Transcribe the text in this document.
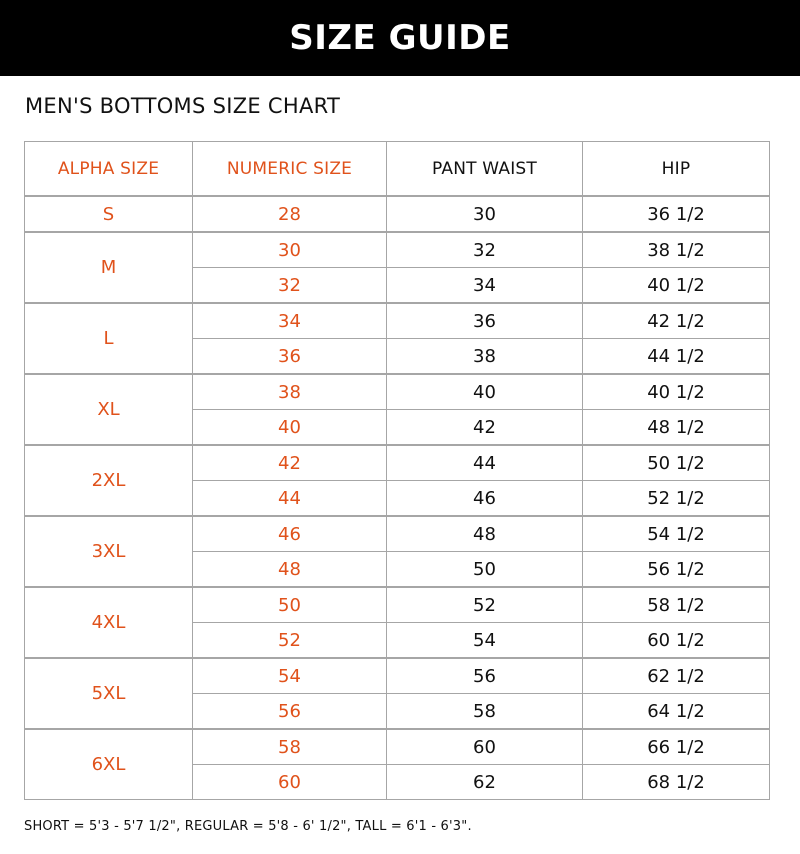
SIZE GUIDE
MEN'S BOTTOMS SIZE CHART
ALPHA SIZE	NUMERIC SIZE	PANT WAIST	HIP
S	28	30	36 1/2
M	30	32	38 1/2
	32	34	40 1/2
L	34	36	42 1/2
	36	38	44 1/2
XL	38	40	40 1/2
	40	42	48 1/2
2XL	42	44	50 1/2
	44	46	52 1/2
3XL	46	48	54 1/2
	48	50	56 1/2
4XL	50	52	58 1/2
	52	54	60 1/2
5XL	54	56	62 1/2
	56	58	64 1/2
6XL	58	60	66 1/2
	60	62	68 1/2
SHORT = 5'3 - 5'7 1/2", REGULAR = 5'8 - 6' 1/2", TALL = 6'1 - 6'3".
